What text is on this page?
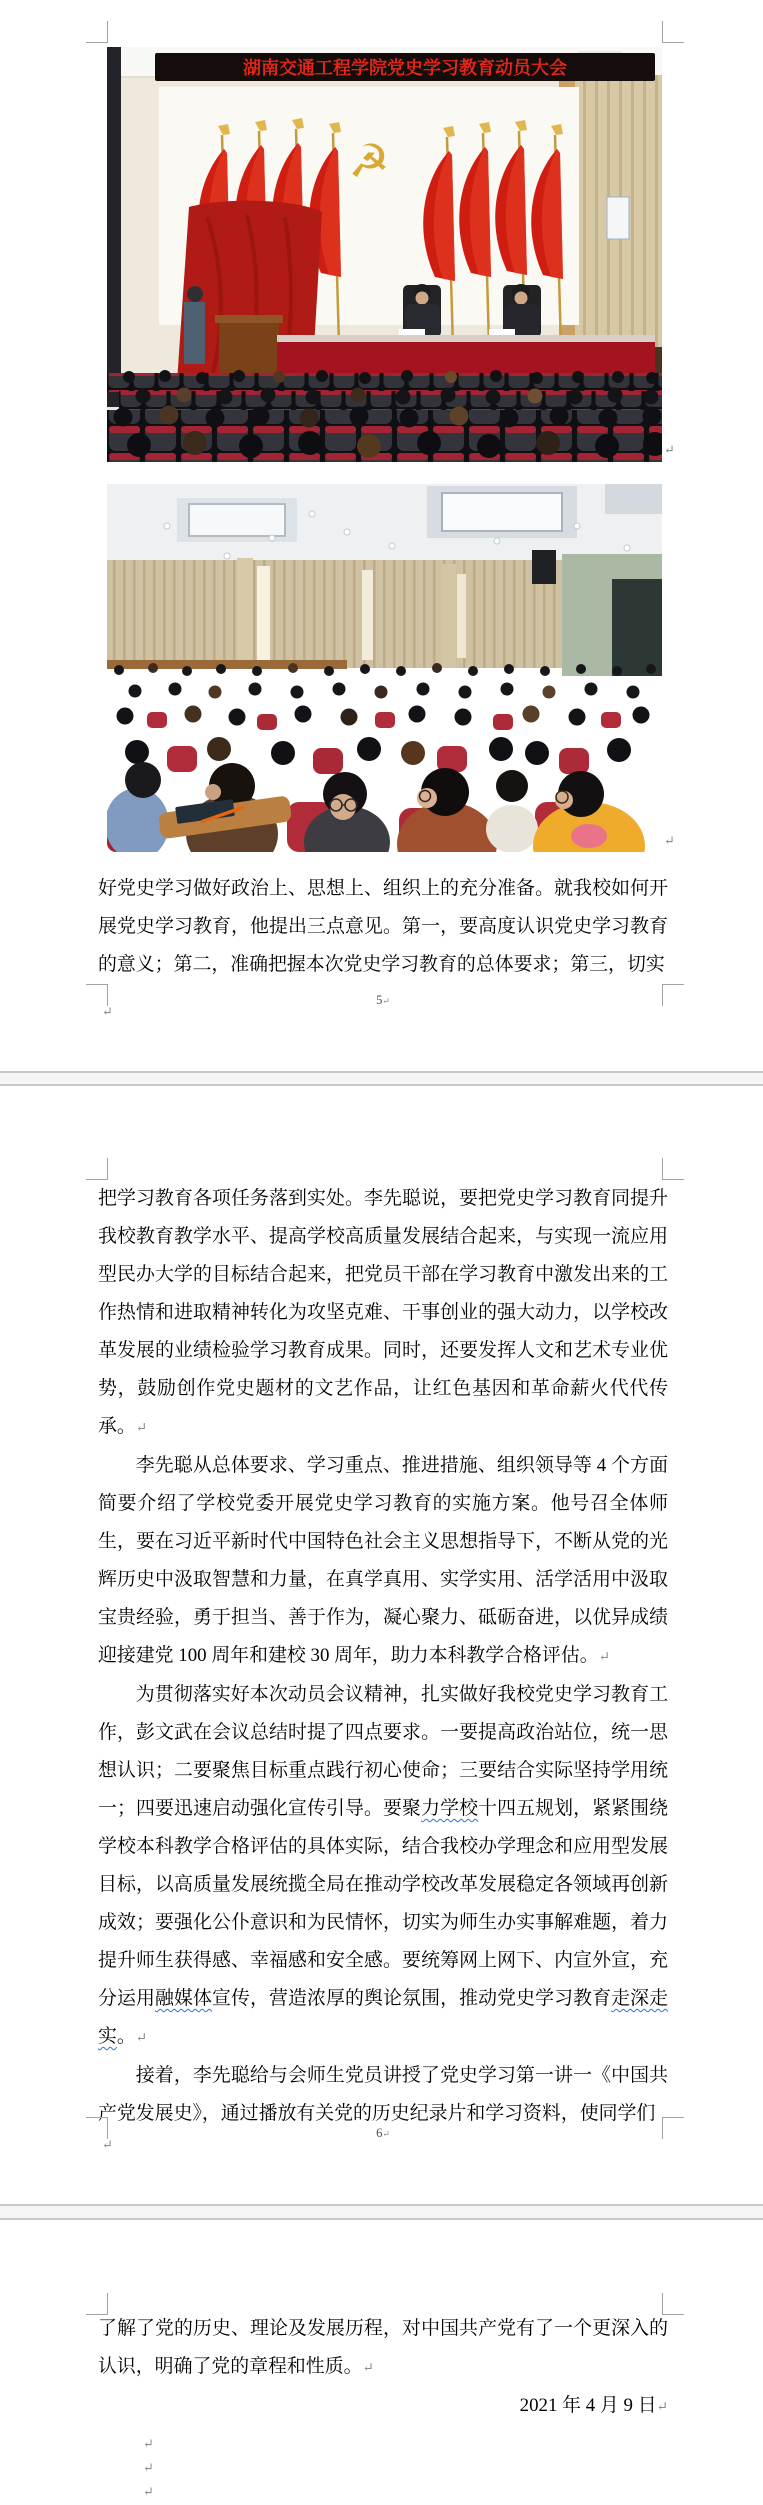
湖南交通工程学院党史学习教育动员大会
☭
↵
↵

好党史学习做好政治上、思想上、组织上的充分准备。就我校如何开展党史学习教育，他提出三点意见。第一，要高度认识党史学习教育的意义；第二，准确把握本次党史学习教育的总体要求；第三，切实

5↵
↵

把学习教育各项任务落到实处。李先聪说，要把党史学习教育同提升我校教育教学水平、提高学校高质量发展结合起来，与实现一流应用型民办大学的目标结合起来，把党员干部在学习教育中激发出来的工作热情和进取精神转化为攻坚克难、干事创业的强大动力，以学校改革发展的业绩检验学习教育成果。同时，还要发挥人文和艺术专业优势，鼓励创作党史题材的文艺作品，让红色基因和革命薪火代代传承。↵

李先聪从总体要求、学习重点、推进措施、组织领导等 4 个方面简要介绍了学校党委开展党史学习教育的实施方案。他号召全体师生，要在习近平新时代中国特色社会主义思想指导下，不断从党的光辉历史中汲取智慧和力量，在真学真用、实学实用、活学活用中汲取宝贵经验，勇于担当、善于作为，凝心聚力、砥砺奋进，以优异成绩迎接建党 100 周年和建校 30 周年，助力本科教学合格评估。↵

为贯彻落实好本次动员会议精神，扎实做好我校党史学习教育工作，彭文武在会议总结时提了四点要求。一要提高政治站位，统一思想认识；二要聚焦目标重点践行初心使命；三要结合实际坚持学用统一；四要迅速启动强化宣传引导。要聚力学校十四五规划，紧紧围绕学校本科教学合格评估的具体实际，结合我校办学理念和应用型发展目标，以高质量发展统揽全局在推动学校改革发展稳定各领域再创新成效；要强化公仆意识和为民情怀，切实为师生办实事解难题，着力提升师生获得感、幸福感和安全感。要统筹网上网下、内宣外宣，充分运用融媒体宣传，营造浓厚的舆论氛围，推动党史学习教育走深走实。↵

接着，李先聪给与会师生党员讲授了党史学习第一讲一《中国共产党发展史》，通过播放有关党的历史纪录片和学习资料，使同学们

6↵
↵

了解了党的历史、理论及发展历程，对中国共产党有了一个更深入的认识，明确了党的章程和性质。↵

2021 年 4 月 9 日↵

↵
↵
↵
